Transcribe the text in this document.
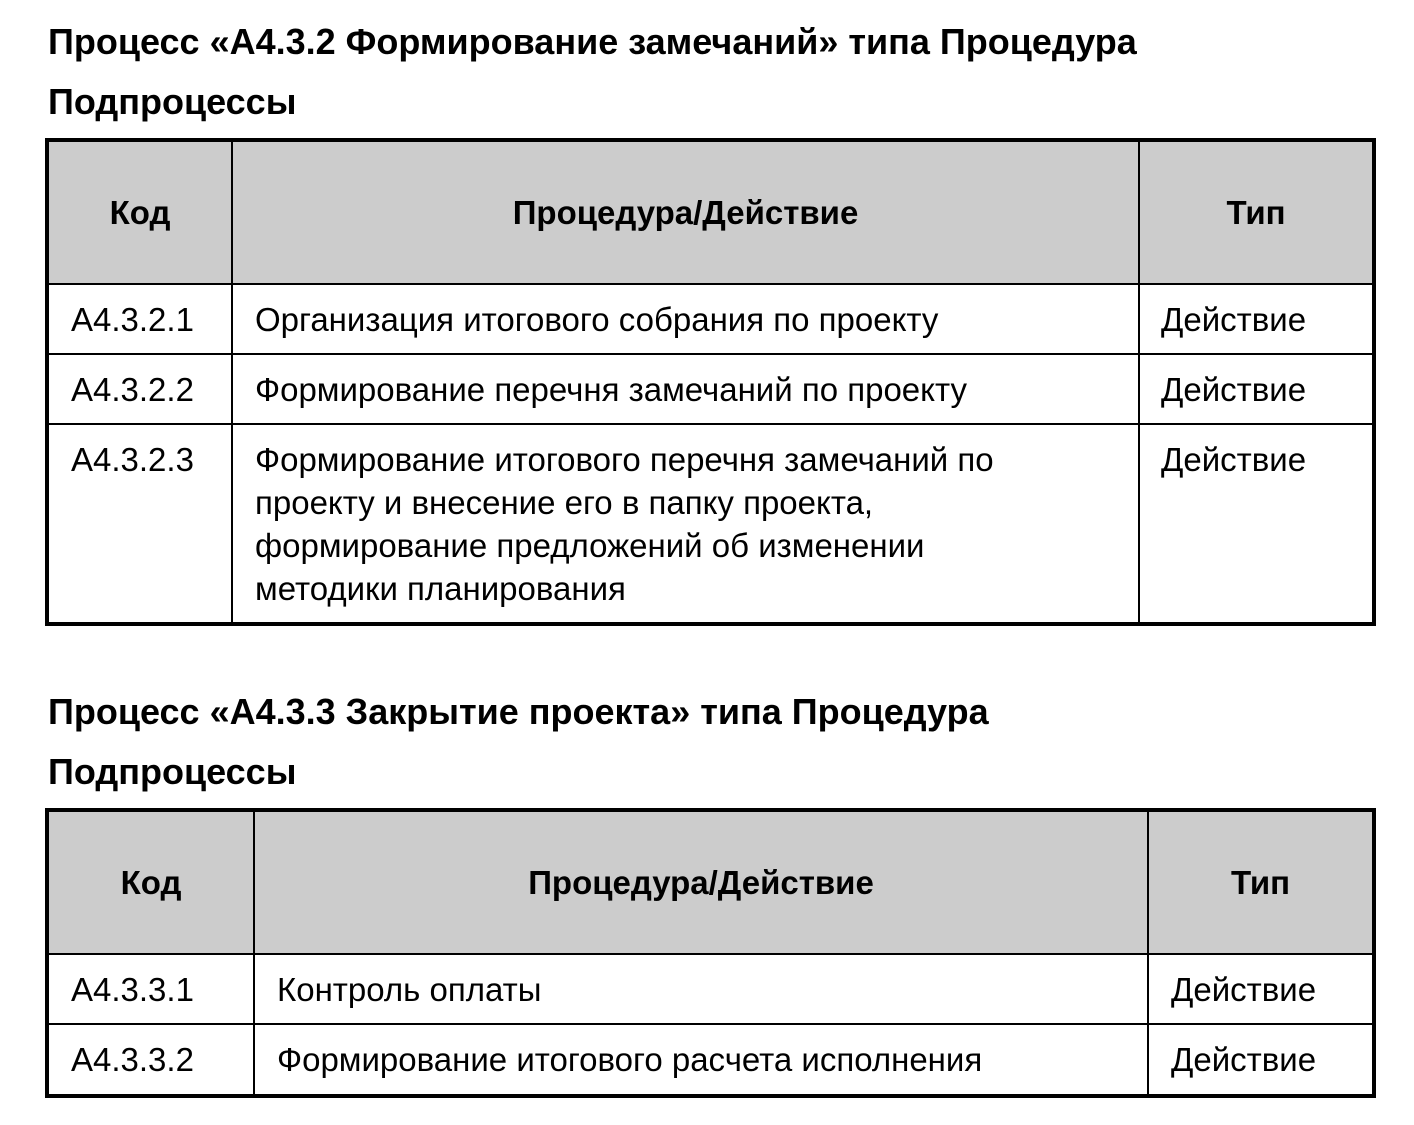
Процесс «А4.3.2 Формирование замечаний» типа Процедура
Подпроцессы
Код	Процедура/Действие	Тип
А4.3.2.1	Организация итогового собрания по проекту	Действие
А4.3.2.2	Формирование перечня замечаний по проекту	Действие
А4.3.2.3	Формирование итогового перечня замечаний по
проекту и внесение его в папку проекта,
формирование предложений об изменении
методики планирования	Действие
Процесс «А4.3.3 Закрытие проекта» типа Процедура
Подпроцессы
Код	Процедура/Действие	Тип
А4.3.3.1	Контроль оплаты	Действие
А4.3.3.2	Формирование итогового расчета исполнения	Действие
